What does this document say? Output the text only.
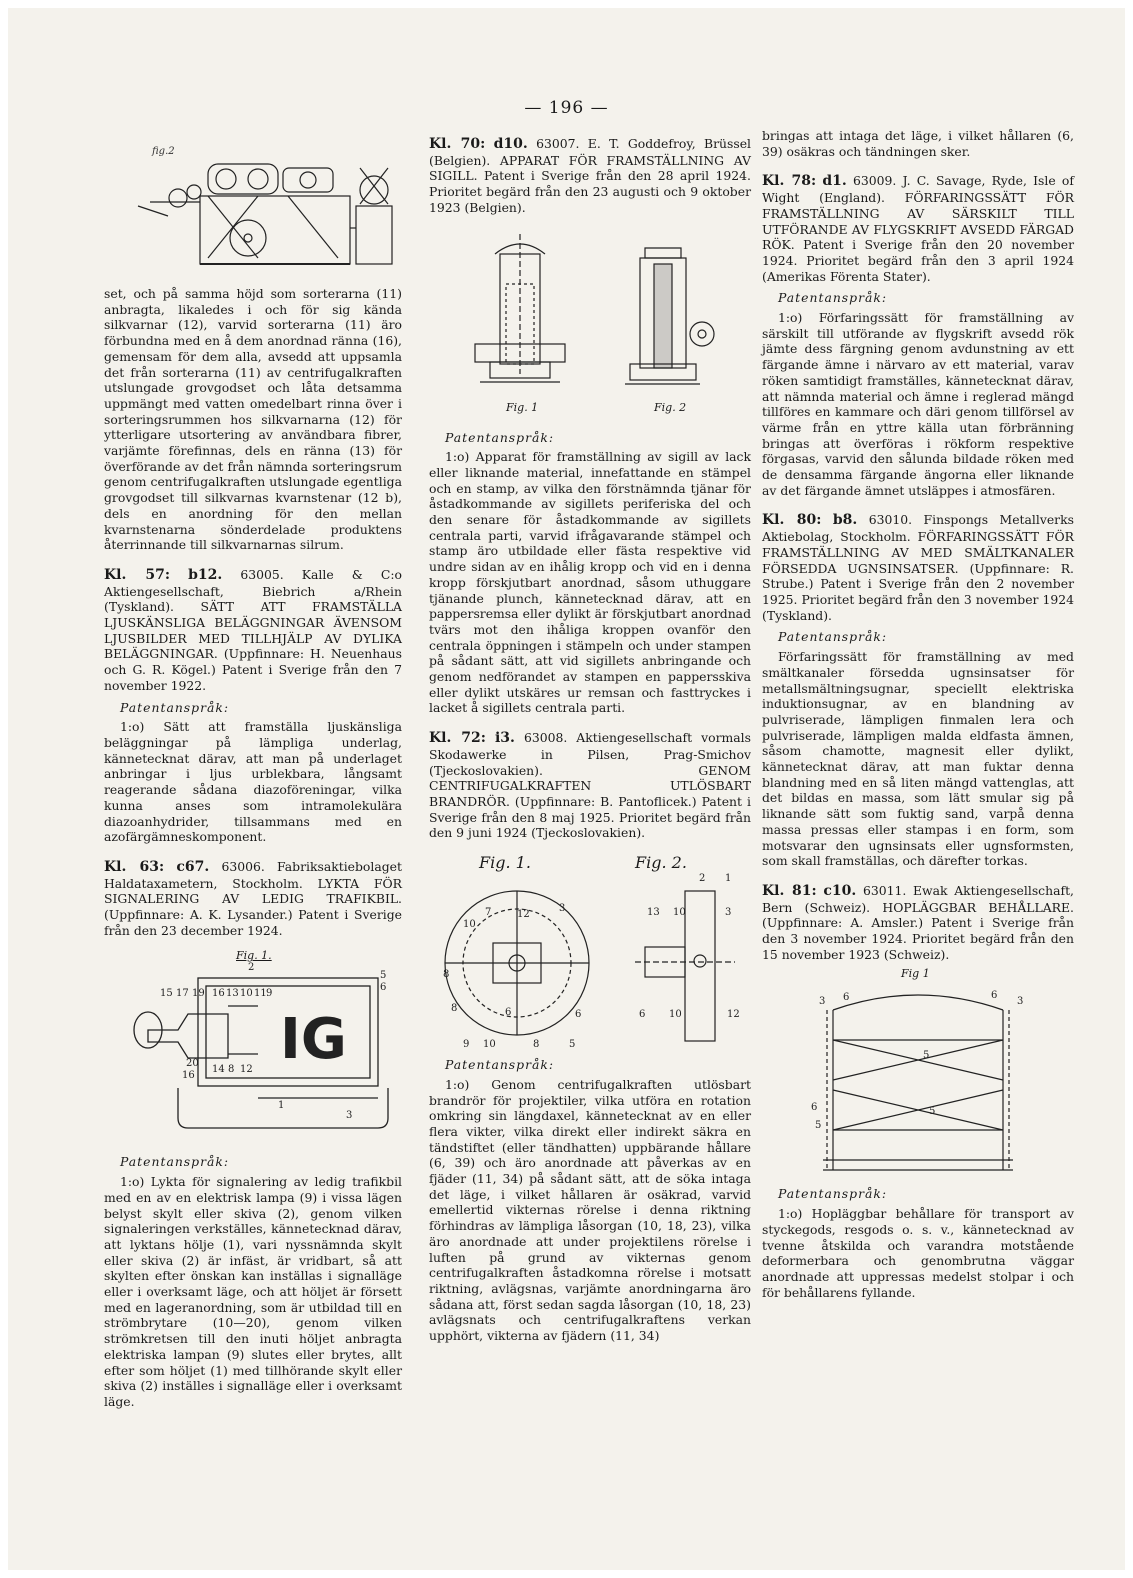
— 196 —
fig.2

set, och på samma höjd som sorterarna (11) anbragta, likaledes i och för sig kända silkvarnar (12), varvid sorterarna (11) äro förbundna med en å dem anordnad ränna (16), gemensam för dem alla, avsedd att uppsamla det från sorterarna (11) av centrifugalkraften utslungade grovgodset och låta detsamma uppmängt med vatten omedelbart rinna över i sorteringsrummen hos silkvarnarna (12) för ytterligare utsortering av användbara fibrer, varjämte förefinnas, dels en ränna (13) för överförande av det från nämnda sorteringsrum genom centrifugalkraften utslungade egentliga grovgodset till silkvarnas kvarnstenar (12 b), dels en anordning för den mellan kvarnstenarna sönderdelade produktens återrinnande till silkvarnarnas silrum.

Kl. 57: b12. 63005. Kalle & C:o Aktiengesellschaft, Biebrich a/Rhein (Tyskland). SÄTT ATT FRAMSTÄLLA LJUSKÄNSLIGA BELÄGGNINGAR ÄVENSOM LJUSBILDER MED TILLHJÄLP AV DYLIKA BELÄGGNINGAR. (Uppfinnare: H. Neuenhaus och G. R. Kögel.) Patent i Sverige från den 7 november 1922.

Patentanspråk:

1:o) Sätt att framställa ljuskänsliga beläggningar på lämpliga underlag, kännetecknat därav, att man på underlaget anbringar i ljus urblekbara, långsamt reagerande sådana diazoföreningar, vilka kunna anses som intramolekulära diazoanhydrider, tillsammans med en azofärgämneskomponent.

Kl. 63: c67. 63006. Fabriksaktiebolaget Haldataxametern, Stockholm. LYKTA FÖR SIGNALERING AV LEDIG TRAFIKBIL. (Uppfinnare: A. K. Lysander.) Patent i Sverige från den 23 december 1924.

IG
2
5
6
15 17 19 16 13 10 11 9
20
14 8 12
16
1
3
Fig. 1.

Patentanspråk:

1:o) Lykta för signalering av ledig trafikbil med en av en elektrisk lampa (9) i vissa lägen belyst skylt eller skiva (2), genom vilken signaleringen verkställes, kännetecknad därav, att lyktans hölje (1), vari nyssnämnda skylt eller skiva (2) är infäst, är vridbart, så att skylten efter önskan kan inställas i signalläge eller i overksamt läge, och att höljet är försett med en lageranordning, som är utbildad till en strömbrytare (10—20), genom vilken strömkretsen till den inuti höljet anbragta elektriska lampan (9) slutes eller brytes, allt efter som höljet (1) med tillhörande skylt eller skiva (2) inställes i signalläge eller i overksamt läge.

Kl. 70: d10. 63007. E. T. Goddefroy, Brüssel (Belgien). APPARAT FÖR FRAMSTÄLLNING AV SIGILL. Patent i Sverige från den 28 april 1924. Prioritet begärd från den 23 augusti och 9 oktober 1923 (Belgien).

Fig. 1	Fig. 2

Patentanspråk:

1:o) Apparat för framställning av sigill av lack eller liknande material, innefattande en stämpel och en stamp, av vilka den förstnämnda tjänar för åstadkommande av sigillets periferiska del och den senare för åstadkommande av sigillets centrala parti, varvid ifrågavarande stämpel och stamp äro utbildade eller fästa respektive vid undre sidan av en ihålig kropp och vid en i denna kropp förskjutbart anordnad, såsom uthuggare tjänande plunch, kännetecknad därav, att en pappersremsa eller dylikt är förskjutbart anordnad tvärs mot den ihåliga kroppen ovanför den centrala öppningen i stämpeln och under stampen på sådant sätt, att vid sigillets anbringande och genom nedförandet av stampen en pappersskiva eller dylikt utskäres ur remsan och fasttryckes i lacket å sigillets centrala parti.

Kl. 72: i3. 63008. Aktiengesellschaft vormals Skodawerke in Pilsen, Prag-Smichov (Tjeckoslovakien). GENOM CENTRIFUGALKRAFTEN UTLÖSBART BRANDRÖR. (Uppfinnare: B. Pantoflicek.) Patent i Sverige från den 8 maj 1925. Prioritet begärd från den 9 juni 1924 (Tjeckoslovakien).

10
7	12
3
8
8	6	6
9 10	8	5
2 1
13 10	3
6 10	12
Fig. 1.	Fig. 2.

Patentanspråk:

1:o) Genom centrifugalkraften utlösbart brandrör för projektiler, vilka utföra en rotation omkring sin längdaxel, kännetecknat av en eller flera vikter, vilka direkt eller indirekt säkra en tändstiftet (eller tändhatten) uppbärande hållare (6, 39) och äro anordnade att påverkas av en fjäder (11, 34) på sådant sätt, att de söka intaga det läge, i vilket hållaren är osäkrad, varvid emellertid vikternas rörelse i denna riktning förhindras av lämpliga låsorgan (10, 18, 23), vilka äro anordnade att under projektilens rörelse i luften på grund av vikternas genom centrifugalkraften åstadkomna rörelse i motsatt riktning, avlägsnas, varjämte anordningarna äro sådana att, först sedan sagda låsorgan (10, 18, 23) avlägsnats och centrifugalkraftens verkan upphört, vikterna av fjädern (11, 34)

bringas att intaga det läge, i vilket hållaren (6, 39) osäkras och tändningen sker.

Kl. 78: d1. 63009. J. C. Savage, Ryde, Isle of Wight (England). FÖRFARINGSSÄTT FÖR FRAMSTÄLLNING AV SÄRSKILT TILL UTFÖRANDE AV FLYGSKRIFT AVSEDD FÄRGAD RÖK. Patent i Sverige från den 20 november 1924. Prioritet begärd från den 3 april 1924 (Amerikas Förenta Stater).

Patentanspråk:

1:o) Förfaringssätt för framställning av särskilt till utförande av flygskrift avsedd rök jämte dess färgning genom avdunstning av ett färgande ämne i närvaro av ett material, varav röken samtidigt framställes, kännetecknat därav, att nämnda material och ämne i reglerad mängd tillföres en kammare och däri genom tillförsel av värme från en yttre källa utan förbränning bringas att överföras i rökform respektive förgasas, varvid den sålunda bildade röken med de densamma färgande ängorna eller liknande av det färgande ämnet utsläppes i atmosfären.

Kl. 80: b8. 63010. Finspongs Metallverks Aktiebolag, Stockholm. FÖRFARINGSSÄTT FÖR FRAMSTÄLLNING AV MED SMÄLTKANALER FÖRSEDDA UGNSINSATSER. (Uppfinnare: R. Strube.) Patent i Sverige från den 2 november 1925. Prioritet begärd från den 3 november 1924 (Tyskland).

Patentanspråk:

Förfaringssätt för framställning av med smältkanaler försedda ugnsinsatser för metallsmältningsugnar, speciellt elektriska induktionsugnar, av en blandning av pulvriserade, lämpligen finmalen lera och pulvriserade, lämpligen malda eldfasta ämnen, såsom chamotte, magnesit eller dylikt, kännetecknat därav, att man fuktar denna blandning med en så liten mängd vattenglas, att det bildas en massa, som lätt smular sig på liknande sätt som fuktig sand, varpå denna massa pressas eller stampas i en form, som motsvarar den ugnsinsats eller ugnsformsten, som skall framställas, och därefter torkas.

Kl. 81: c10. 63011. Ewak Aktiengesellschaft, Bern (Schweiz). HOPLÄGGBAR BEHÅLLARE. (Uppfinnare: A. Amsler.) Patent i Sverige från den 3 november 1924. Prioritet begärd från den 15 november 1923 (Schweiz).

3 6	6
3
5
5
6
5
Fig 1

Patentanspråk:

1:o) Hopläggbar behållare för transport av styckegods, resgods o. s. v., kännetecknad av tvenne åtskilda och varandra motstående deformerbara och genombrutna väggar anordnade att uppressas medelst stolpar i och för behållarens fyllande.
